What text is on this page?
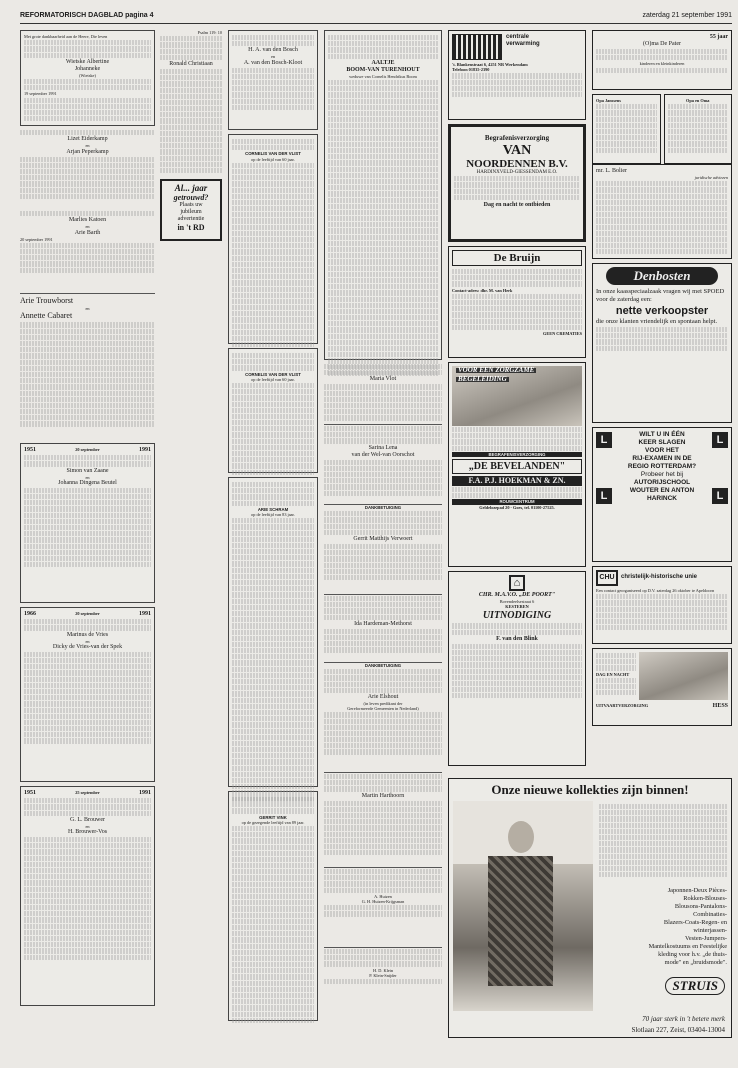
REFORMATORISCH DAGBLAD pagina 4	zaterdag 21 september 1991
Met grote dankbaarheid aan de Heere, Die leven
Wietske Albertine
Johanneke
(Wietske)
19 september 1991
Lizet Eiderkamp
en
Arjan Peperkamp
Marlies Katoen
en
Arie Barth
20 september 1991
Arie Trouwborst
en
Annette Cabaret
1951	20 september	1991
Simon van Zaane
en
Johanna Dingena Beutel
1966	20 september	1991
Marinus de Vries
en
Dicky de Vries-van der Spek
1951	25 september	1991
G. L. Brouwer
en
H. Brouwer-Vos
Psalm 119: 10
Ronald Christiaan
Al... jaar
getrouwd?
Plaats uw
jubileum
advertentie
in 't RD
H. A. van den Bosch
en
A. van den Bosch-Kloot
CORNELIS VAN DER VLIST
op de leeftijd van 60 jaar.
CORNELIS VAN DER VLIST
op de leeftijd van 60 jaar.
ARIE SCHRAM
op de leeftijd van 83 jaar.
GERRIT VINK
op de gezegende leeftijd van 89 jaar.
AALTJE
BOOM-VAN TURENHOUT
weduwe van Cornelis Hendrikus Boom
Maria Vlot
Sarina Lena
van der Wel-van Oorschot
DANKBETUIGING
Gerrit Matthijs Verwoert
Ida Hardeman-Methorst
DANKBETUIGING
Arie Elshout
(in leven predikant der
Gereformeerde Gemeenten in Nederland)
Martin Harthoorn
A. Huizen
G. H. Huizen-Krijgsman
H. D. Klein
P. Klein-Snijder
centrale
verwarming
't. Blankenstraat 6, 4251 NR Werkendam
Telefoon 01835-2390
Begrafenisverzorging
VAN
NOORDENNEN B.V.
HARDINXVELD-GIESSENDAM E.O.
Dag en nacht te ontbieden
De Bruijn
Contact-adres: dhr. M. van Herk
GEEN CREMATIES
VOOR EEN ZORGZAME
BEGELEIDING
BEGRAFENISVERZORGING
„DE BEVELANDEN"
F.A. P.J. HOEKMAN & ZN.
ROUWCENTRUM
Geldelozepad 20 - Goes, tel. 01100-27525.
⌂
CHR. M.A.V.O. „DE POORT"
Bovendeelsestraat 6
KESTEREN
UITNODIGING
F. van den Blink
55 jaar
(O)ma De Pater
kinderen en kleinkinderen
Opa Janssens	Opa en Oma
mr. L. Bolier
juridische adviezen
Denbosten
In onze kaasspeciaalzaak vragen wij met SPOED voor de zaterdag een:
nette verkoopster
die onze klanten vriendelijk en spontaan helpt.
L	L
L	L
WILT U IN ÉÉN
KEER SLAGEN
VOOR HET
RIJ-EXAMEN IN DE
REGIO ROTTERDAM?
Probeer het bij
AUTORIJSCHOOL
WOUTER EN ANTON
HARINCK
CHU	christelijk-historische unie
Een contact georganiseerd op D.V. zaterdag 26 oktober te Apeldoorn
DAG EN NACHT
UITVAARTVERZORGING	HESS
Onze nieuwe kollekties zijn binnen!
Japonnen-Deux Pièces-
Rokken-Blouses-
Blousons-Pantalons-
Combinaties-
Blazers-Coats-Regen- en
winterjassen-
Vesten-Jumpers-
Mantelkostuums en Feestelijke
kleding voor h.v. „de thuis-
mode" en „bruidsmode".
STRUIS
70 jaar sterk in 't betere merk
Slotlaan 227, Zeist, 03404-13004
